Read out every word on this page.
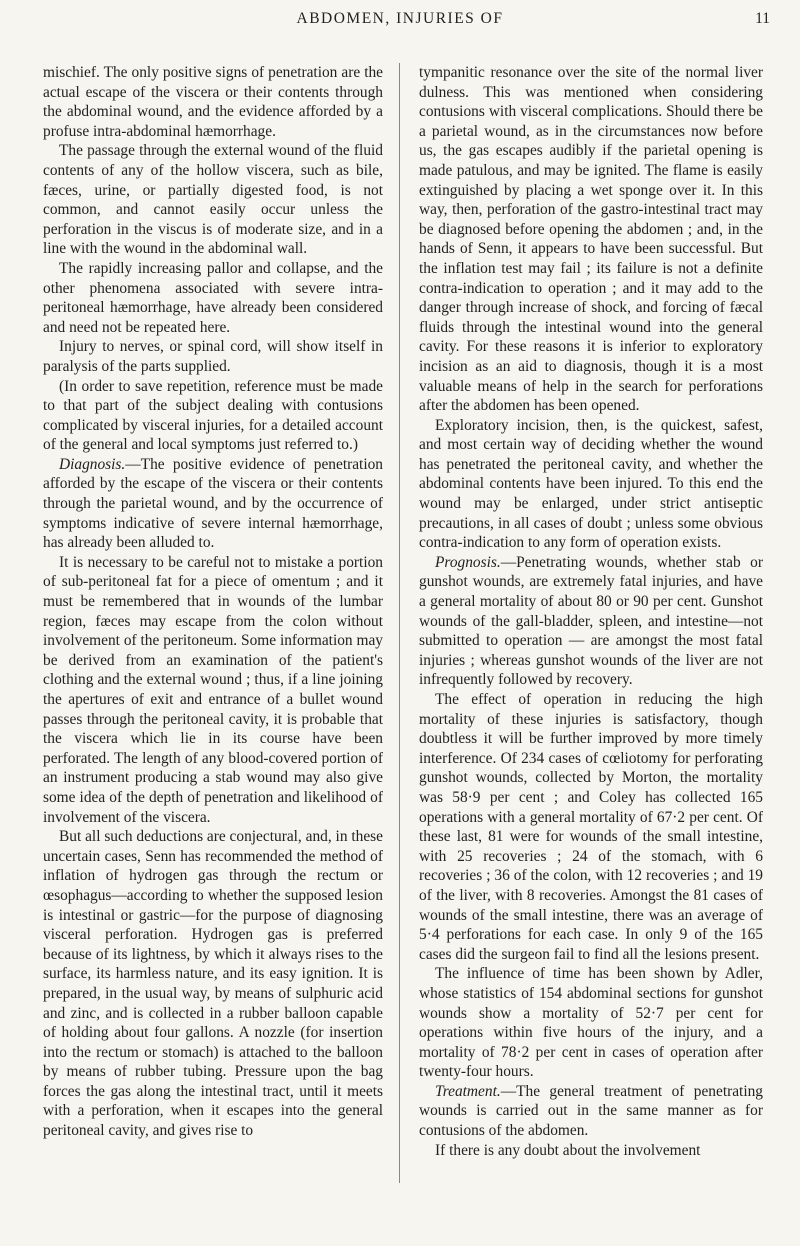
ABDOMEN, INJURIES OF	11

mischief. The only positive signs of penetration are the actual escape of the viscera or their contents through the abdominal wound, and the evidence afforded by a profuse intra-abdominal hæmorrhage.

The passage through the external wound of the fluid contents of any of the hollow viscera, such as bile, fæces, urine, or partially digested food, is not common, and cannot easily occur unless the perforation in the viscus is of moderate size, and in a line with the wound in the abdominal wall.

The rapidly increasing pallor and collapse, and the other phenomena associated with severe intra-peritoneal hæmorrhage, have already been considered and need not be repeated here.

Injury to nerves, or spinal cord, will show itself in paralysis of the parts supplied.

(In order to save repetition, reference must be made to that part of the subject dealing with contusions complicated by visceral injuries, for a detailed account of the general and local symptoms just referred to.)

Diagnosis.—The positive evidence of penetration afforded by the escape of the viscera or their contents through the parietal wound, and by the occurrence of symptoms indicative of severe internal hæmorrhage, has already been alluded to.

It is necessary to be careful not to mistake a portion of sub-peritoneal fat for a piece of omentum ; and it must be remembered that in wounds of the lumbar region, fæces may escape from the colon without involvement of the peritoneum. Some information may be derived from an examination of the patient's clothing and the external wound ; thus, if a line joining the apertures of exit and entrance of a bullet wound passes through the peritoneal cavity, it is probable that the viscera which lie in its course have been perforated. The length of any blood-covered portion of an instrument producing a stab wound may also give some idea of the depth of penetration and likelihood of involvement of the viscera.

But all such deductions are conjectural, and, in these uncertain cases, Senn has recommended the method of inflation of hydrogen gas through the rectum or œsophagus—according to whether the supposed lesion is intestinal or gastric—for the purpose of diagnosing visceral perforation. Hydrogen gas is preferred because of its lightness, by which it always rises to the surface, its harmless nature, and its easy ignition. It is prepared, in the usual way, by means of sulphuric acid and zinc, and is collected in a rubber balloon capable of holding about four gallons. A nozzle (for insertion into the rectum or stomach) is attached to the balloon by means of rubber tubing. Pressure upon the bag forces the gas along the intestinal tract, until it meets with a perforation, when it escapes into the general peritoneal cavity, and gives rise to

tympanitic resonance over the site of the normal liver dulness. This was mentioned when considering contusions with visceral complications. Should there be a parietal wound, as in the circumstances now before us, the gas escapes audibly if the parietal opening is made patulous, and may be ignited. The flame is easily extinguished by placing a wet sponge over it. In this way, then, perforation of the gastro-intestinal tract may be diagnosed before opening the abdomen ; and, in the hands of Senn, it appears to have been successful. But the inflation test may fail ; its failure is not a definite contra-indication to operation ; and it may add to the danger through increase of shock, and forcing of fæcal fluids through the intestinal wound into the general cavity. For these reasons it is inferior to exploratory incision as an aid to diagnosis, though it is a most valuable means of help in the search for perforations after the abdomen has been opened.

Exploratory incision, then, is the quickest, safest, and most certain way of deciding whether the wound has penetrated the peritoneal cavity, and whether the abdominal contents have been injured. To this end the wound may be enlarged, under strict antiseptic precautions, in all cases of doubt ; unless some obvious contra-indication to any form of operation exists.

Prognosis.—Penetrating wounds, whether stab or gunshot wounds, are extremely fatal injuries, and have a general mortality of about 80 or 90 per cent. Gunshot wounds of the gall-bladder, spleen, and intestine—not submitted to operation — are amongst the most fatal injuries ; whereas gunshot wounds of the liver are not infrequently followed by recovery.

The effect of operation in reducing the high mortality of these injuries is satisfactory, though doubtless it will be further improved by more timely interference. Of 234 cases of cœliotomy for perforating gunshot wounds, collected by Morton, the mortality was 58·9 per cent ; and Coley has collected 165 operations with a general mortality of 67·2 per cent. Of these last, 81 were for wounds of the small intestine, with 25 recoveries ; 24 of the stomach, with 6 recoveries ; 36 of the colon, with 12 recoveries ; and 19 of the liver, with 8 recoveries. Amongst the 81 cases of wounds of the small intestine, there was an average of 5·4 perforations for each case. In only 9 of the 165 cases did the surgeon fail to find all the lesions present.

The influence of time has been shown by Adler, whose statistics of 154 abdominal sections for gunshot wounds show a mortality of 52·7 per cent for operations within five hours of the injury, and a mortality of 78·2 per cent in cases of operation after twenty-four hours.

Treatment.—The general treatment of penetrating wounds is carried out in the same manner as for contusions of the abdomen.

If there is any doubt about the involvement
